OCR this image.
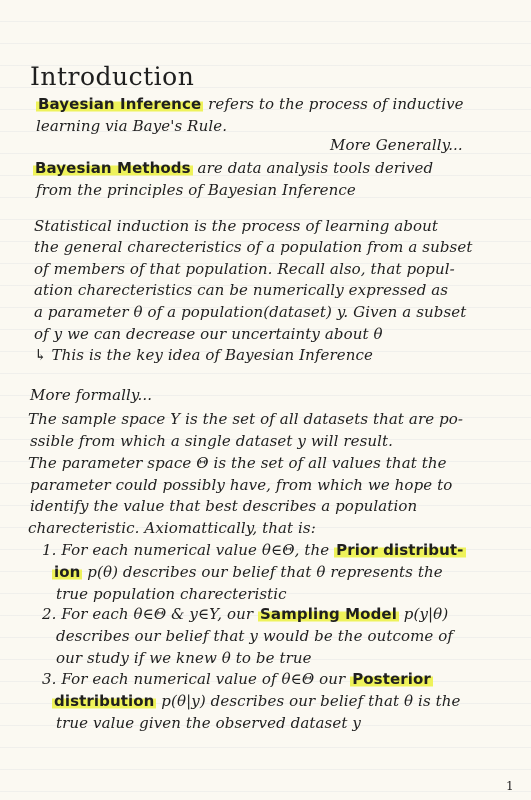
Introduction
Bayesian Inference refers to the process of inductive
learning via Baye's Rule.
More Generally...
Bayesian Methods are data analysis tools derived
from the principles of Bayesian Inference
Statistical induction is the process of learning about
the general charecteristics of a population from a subset
of members of that population. Recall also, that popul-
ation charecteristics can be numerically expressed as
a parameter θ of a population(dataset) y. Given a subset
of y we can decrease our uncertainty about θ
↳ This is the key idea of Bayesian Inference
More formally...
The sample space Y is the set of all datasets that are po-
ssible from which a single dataset y will result.
The parameter space Θ is the set of all values that the
parameter could possibly have, from which we hope to
identify the value that best describes a population
charecteristic. Axiomattically, that is:
1. For each numerical value θ∈Θ, the Prior distribut-
ion p(θ) describes our belief that θ represents the
true population charecteristic
2. For each θ∈Θ & y∈Y, our Sampling Model p(y|θ)
describes our belief that y would be the outcome of
our study if we knew θ to be true
3. For each numerical value of θ∈Θ our Posterior
distribution p(θ|y) describes our belief that θ is the
true value given the observed dataset y
1
